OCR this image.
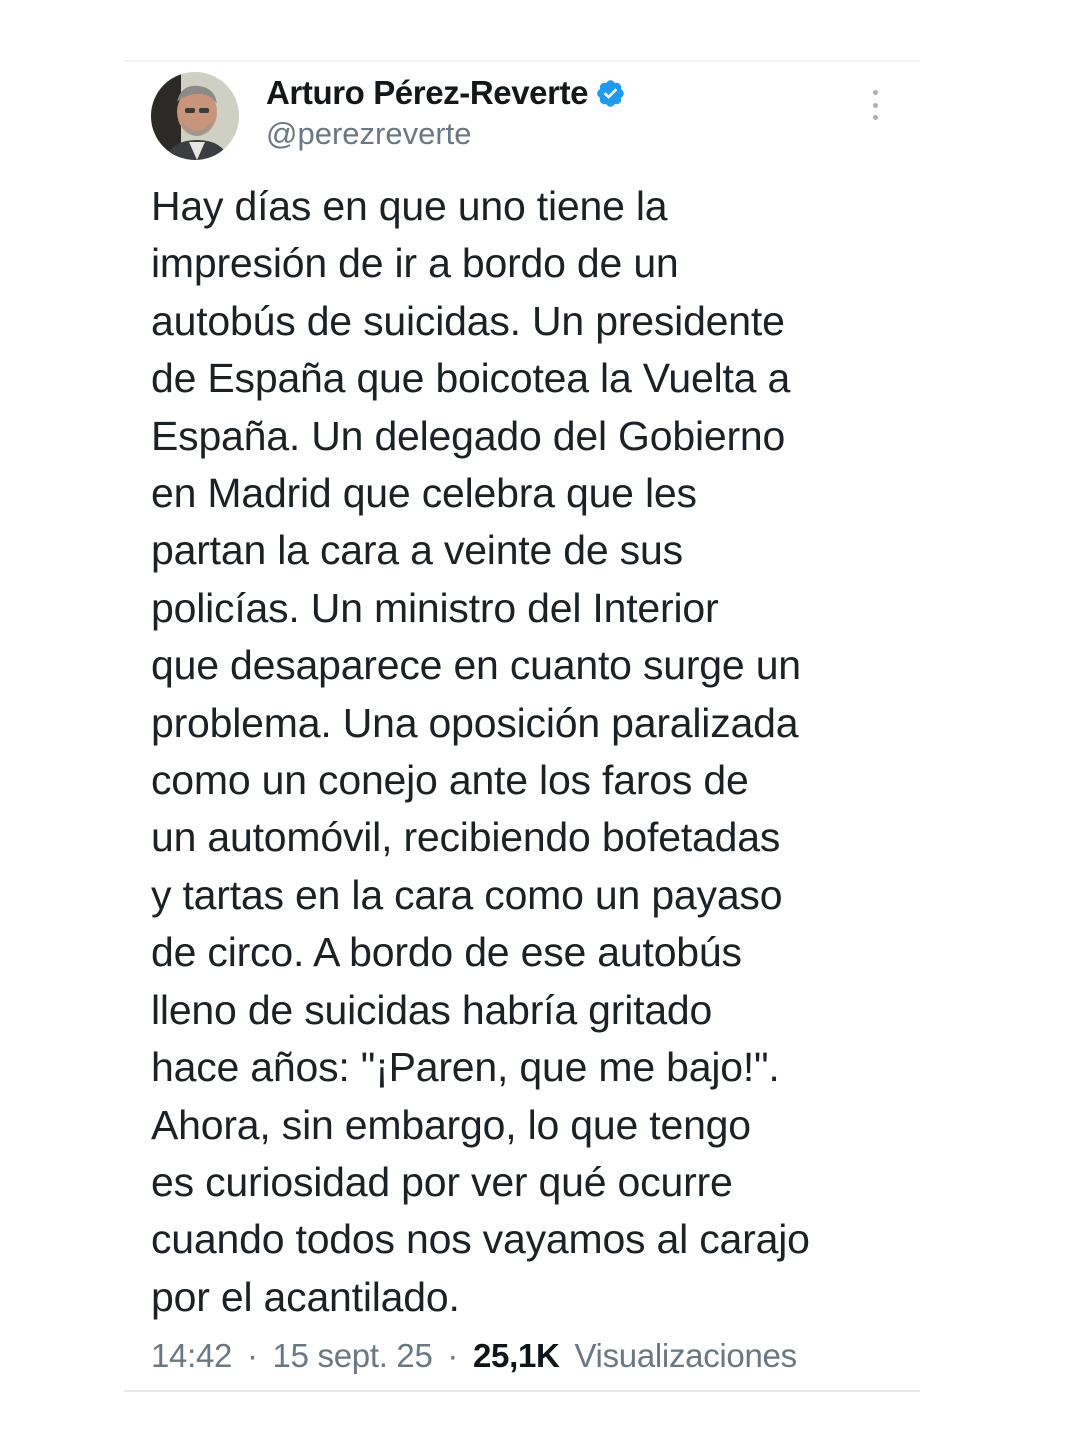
Arturo Pérez-Reverte
@perezreverte

Hay días en que uno tiene la
impresión de ir a bordo de un
autobús de suicidas. Un presidente
de España que boicotea la Vuelta a
España. Un delegado del Gobierno
en Madrid que celebra que les
partan la cara a veinte de sus
policías. Un ministro del Interior
que desaparece en cuanto surge un
problema. Una oposición paralizada
como un conejo ante los faros de
un automóvil, recibiendo bofetadas
y tartas en la cara como un payaso
de circo. A bordo de ese autobús
lleno de suicidas habría gritado
hace años: "¡Paren, que me bajo!".
Ahora, sin embargo, lo que tengo
es curiosidad por ver qué ocurre
cuando todos nos vayamos al carajo
por el acantilado.

14:42 · 15 sept. 25 · 25,1K Visualizaciones
